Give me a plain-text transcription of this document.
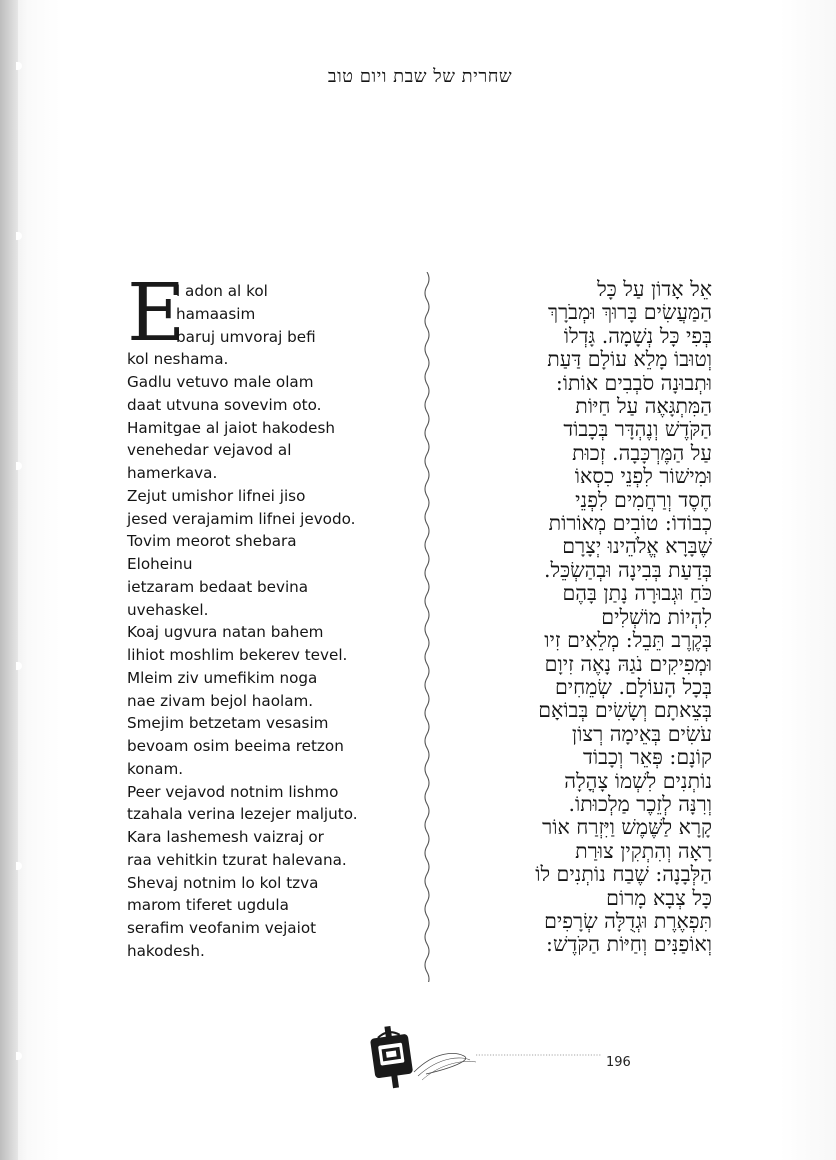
שחרית של שבת ויום טוב
E
l adon al kol
hamaasim
baruj umvoraj befi
kol neshama.
Gadlu vetuvo male olam
daat utvuna sovevim oto.
Hamitgae al jaiot hakodesh
venehedar vejavod al
hamerkava.
Zejut umishor lifnei jiso
jesed verajamim lifnei jevodo.
Tovim meorot shebara
Eloheinu
ietzaram bedaat bevina
uvehaskel.
Koaj ugvura natan bahem
lihiot moshlim bekerev tevel.
Mleim ziv umefikim noga
nae zivam bejol haolam.
Smejim betzetam vesasim
bevoam osim beeima retzon
konam.
Peer vejavod notnim lishmo
tzahala verina lezejer maljuto.
Kara lashemesh vaizraj or
raa vehitkin tzurat halevana.
Shevaj notnim lo kol tzva
marom tiferet ugdula
serafim veofanim vejaiot
hakodesh.
אֵל אָדוֹן עַל כָּל
הַמַּעֲשִׂים בָּרוּךְ וּמְבֹרָךְ
בְּפִי כָּל נְשָׁמָה. גָּדְלוֹ
וְטוּבוֹ מָלֵא עוֹלָם דַּעַת
וּתְבוּנָה סֹבְבִים אוֹתוֹ:
הַמִּתְגָּאֶה עַל חַיּוֹת
הַקֹּדֶשׁ וְנֶהְדָּר בְּכָבוֹד
עַל הַמֶּרְכָּבָה. זְכוּת
וּמִישׁוֹר לִפְנֵי כִסְאוֹ
חֶסֶד וְרַחֲמִים לִפְנֵי
כְבוֹדוֹ: טוֹבִים מְאוֹרוֹת
שֶׁבָּרָא אֱלֹהֵינוּ יְצָרָם
בְּדַעַת בְּבִינָה וּבְהַשְׂכֵּל.
כֹּחַ וּגְבוּרָה נָתַן בָּהֶם
לִהְיוֹת מוֹשְׁלִים
בְּקֶרֶב תֵּבֵל: מְלֵאִים זִיו
וּמְפִיקִים נֹגַהּ נָאֶה זִיוָם
בְּכָל הָעוֹלָם. שְׂמֵחִים
בְּצֵאתָם וְשָׂשִׂים בְּבוֹאָם
עֹשִׂים בְּאֵימָה רְצוֹן
קוֹנָם: פְּאֵר וְכָבוֹד
נוֹתְנִים לִשְׁמוֹ צָהֳלָה
וְרִנָּה לְזֵכֶר מַלְכוּתוֹ.
קָרָא לַשֶּׁמֶשׁ וַיִּזְרַח אוֹר
רָאָה וְהִתְקִין צוּרַת
הַלְּבָנָה: שֶׁבַח נוֹתְנִים לוֹ
כָּל צְבָא מָרוֹם
תִּפְאֶרֶת וּגְדֻלָּה שְׂרָפִים
וְאוֹפַנִּים וְחַיּוֹת הַקֹּדֶשׁ:
196
